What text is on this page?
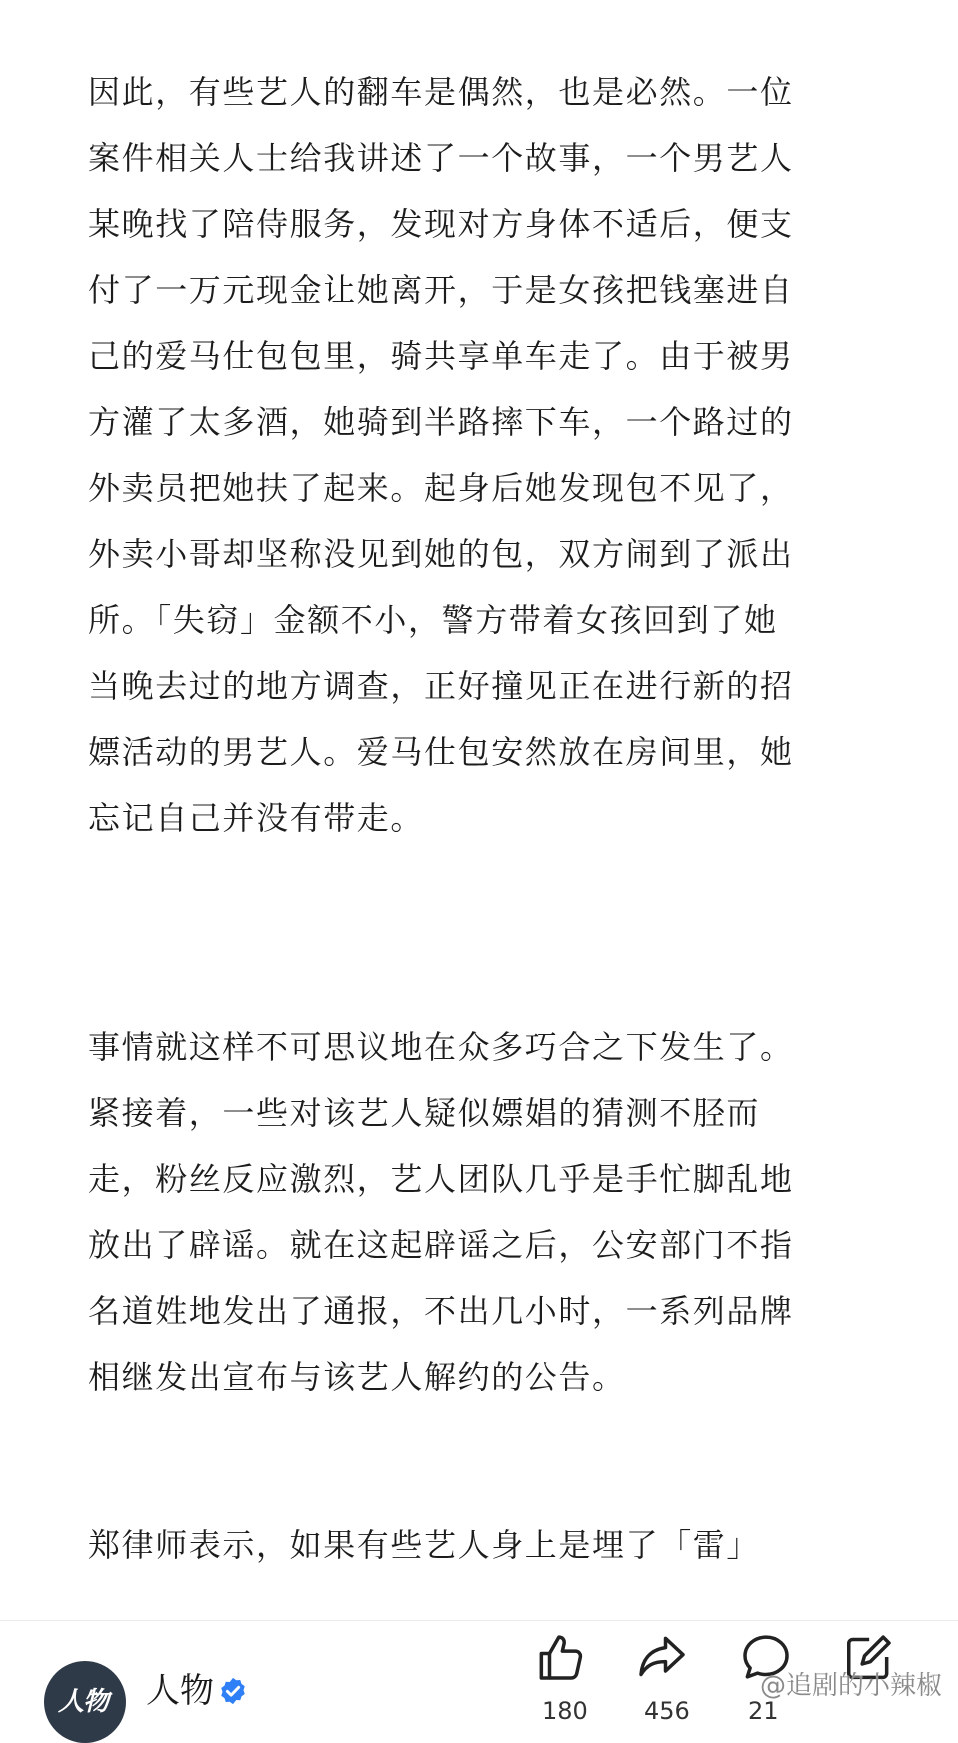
因此，有些艺人的翻车是偶然，也是必然。一位
案件相关人士给我讲述了一个故事，一个男艺人
某晚找了陪侍服务，发现对方身体不适后，便支
付了一万元现金让她离开，于是女孩把钱塞进自
己的爱马仕包包里，骑共享单车走了。由于被男
方灌了太多酒，她骑到半路摔下车，一个路过的
外卖员把她扶了起来。起身后她发现包不见了，
外卖小哥却坚称没见到她的包，双方闹到了派出
所。「失窃」金额不小，警方带着女孩回到了她
当晚去过的地方调查，正好撞见正在进行新的招
嫖活动的男艺人。爱马仕包安然放在房间里，她
忘记自己并没有带走。
事情就这样不可思议地在众多巧合之下发生了。
紧接着，一些对该艺人疑似嫖娼的猜测不胫而
走，粉丝反应激烈，艺人团队几乎是手忙脚乱地
放出了辟谣。就在这起辟谣之后，公安部门不指
名道姓地发出了通报，不出几小时，一系列品牌
相继发出宣布与该艺人解约的公告。
郑律师表示，如果有些艺人身上是埋了「雷」
人物 人物	180 456 21
@追剧的小辣椒
